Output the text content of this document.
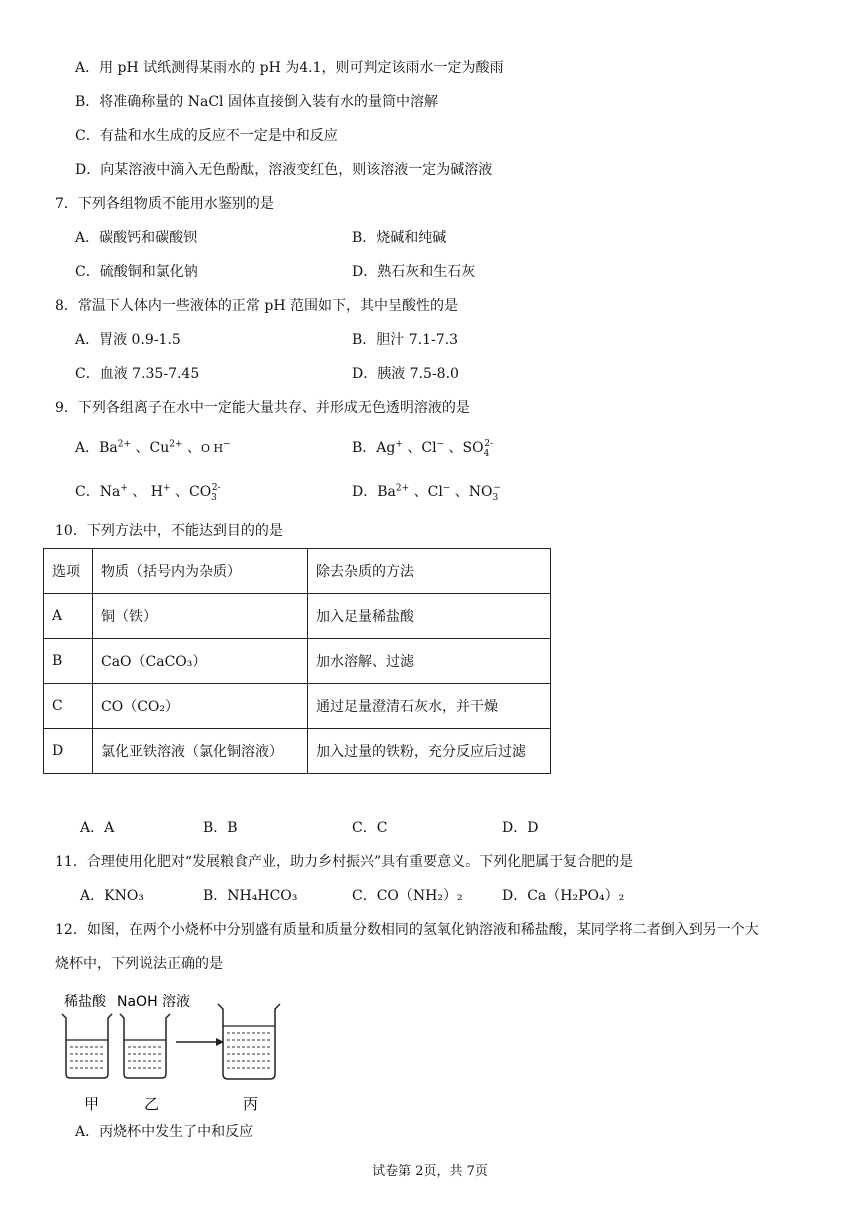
A．用 pH 试纸测得某雨水的 pH 为4.1，则可判定该雨水一定为酸雨
B．将准确称量的 NaCl 固体直接倒入装有水的量筒中溶解
C．有盐和水生成的反应不一定是中和反应
D．向某溶液中滴入无色酚酞，溶液变红色，则该溶液一定为碱溶液
7．下列各组物质不能用水鉴别的是
A．碳酸钙和碳酸钡	B．烧碱和纯碱
C．硫酸铜和氯化钠	D．熟石灰和生石灰
8．常温下人体内一些液体的正常 pH 范围如下，其中呈酸性的是
A．胃液 0.9-1.5	B．胆汁 7.1-7.3
C．血液 7.35-7.45	D．胰液 7.5-8.0
9．下列各组离子在水中一定能大量共存、并形成无色透明溶液的是
A．$Ba^{2+}$ 、$Cu^{2+}$ 、O H−	B．Ag+ 、Cl− 、$SO_4^{2-}$
C．Na+ 、 H+ 、$CO_3^{2-}$	D．$Ba^{2+}$ 、Cl− 、$NO_3^-$
10．下列方法中，不能达到目的的是
选项	物质（括号内为杂质）	除去杂质的方法
A	铜（铁）	加入足量稀盐酸
B	CaO（CaCO₃）	加水溶解、过滤
C	CO（CO₂）	通过足量澄清石灰水，并干燥
D	氯化亚铁溶液（氯化铜溶液）	加入过量的铁粉，充分反应后过滤
A．A	B．B	C．C	D．D
11．合理使用化肥对“发展粮食产业，助力乡村振兴”具有重要意义。下列化肥属于复合肥的是
A．KNO₃	B．NH₄HCO₃	C．CO（NH₂）₂	D．Ca（H₂PO₄）₂
12．如图，在两个小烧杯中分别盛有质量和质量分数相同的氢氧化钠溶液和稀盐酸，某同学将二者倒入到另一个大
烧杯中，下列说法正确的是
稀盐酸 NaOH 溶液
甲	乙	丙
A．丙烧杯中发生了中和反应
试卷第 2页，共 7页
